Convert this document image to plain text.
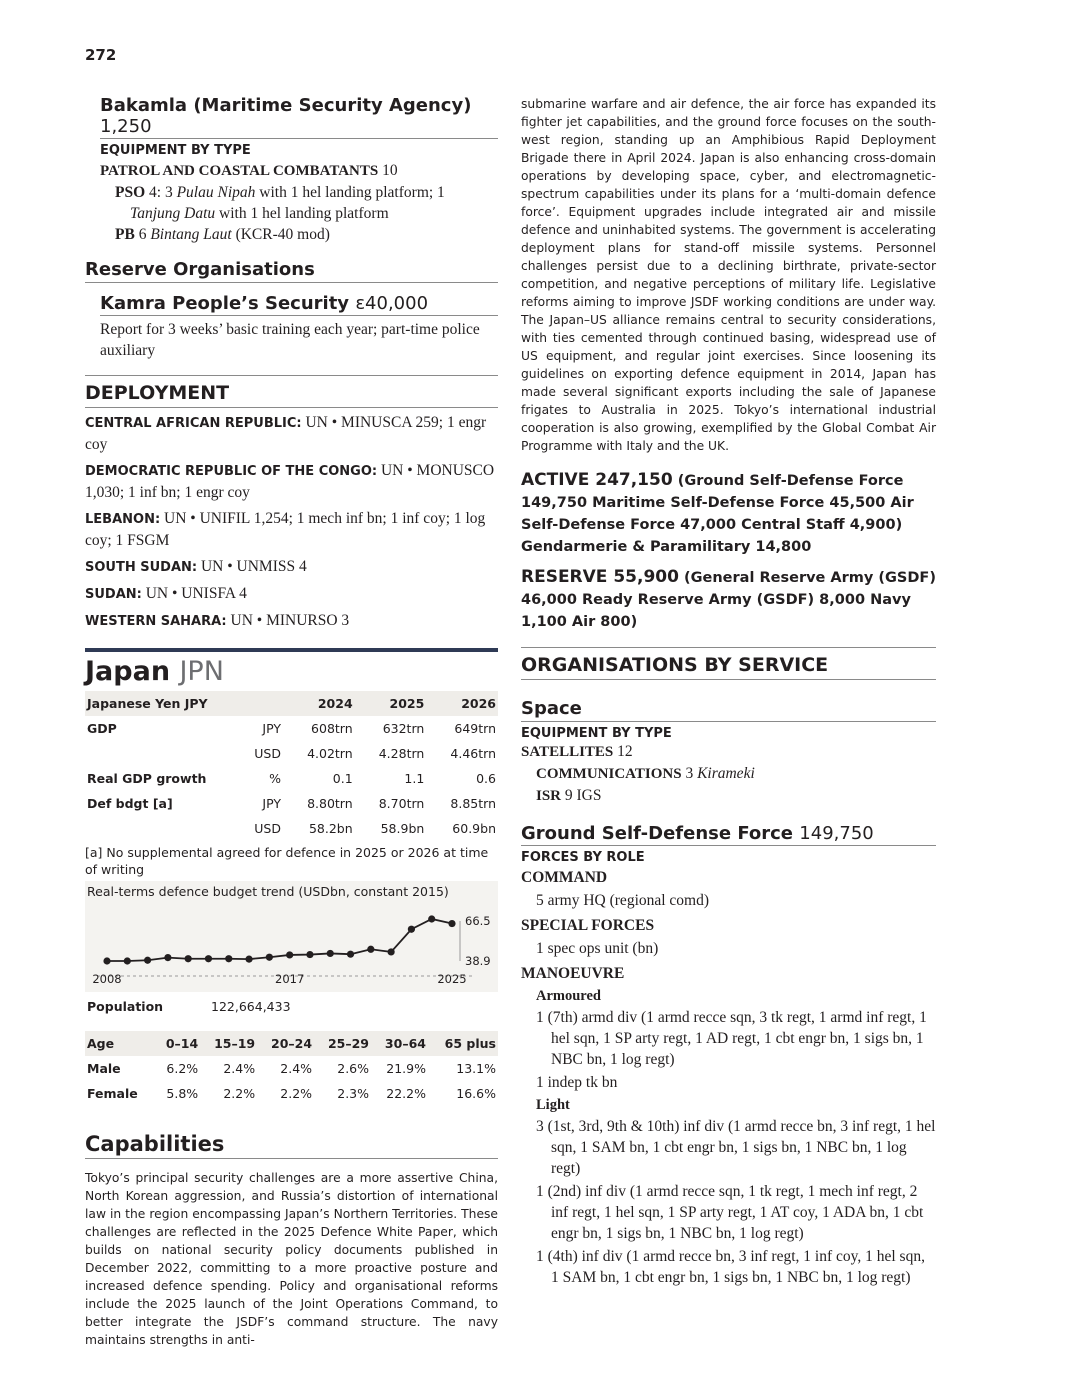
272
Bakamla (Maritime Security Agency) 1,250
EQUIPMENT BY TYPE
PATROL AND COASTAL COMBATANTS 10
PSO 4: 3 Pulau Nipah with 1 hel landing platform; 1 Tanjung Datu with 1 hel landing platform
PB 6 Bintang Laut (KCR-40 mod)
Reserve Organisations
Kamra People’s Security ε40,000
Report for 3 weeks’ basic training each year; part-time police auxiliary
DEPLOYMENT
CENTRAL AFRICAN REPUBLIC: UN • MINUSCA 259; 1 engr coy
DEMOCRATIC REPUBLIC OF THE CONGO: UN • MONUSCO 1,030; 1 inf bn; 1 engr coy
LEBANON: UN • UNIFIL 1,254; 1 mech inf bn; 1 inf coy; 1 log coy; 1 FSGM
SOUTH SUDAN: UN • UNMISS 4
SUDAN: UN • UNISFA 4
WESTERN SAHARA: UN • MINURSO 3
Japan JPN
Japanese Yen JPY		2024	2025	2026
GDP	JPY	608trn	632trn	649trn
	USD	4.02trn	4.28trn	4.46trn
Real GDP growth	%	0.1	1.1	0.6
Def bdgt [a]	JPY	8.80trn	8.70trn	8.85trn
	USD	58.2bn	58.9bn	60.9bn
[a] No supplemental agreed for defence in 2025 or 2026 at time of writing
Real-terms defence budget trend (USDbn, constant 2015)
66.5
38.9
2008	2017	2025
Population	122,664,433
Age	0–14	15–19	20–24	25–29	30–64	65 plus
Male	6.2%	2.4%	2.4%	2.6%	21.9%	13.1%
Female	5.8%	2.2%	2.2%	2.3%	22.2%	16.6%
Capabilities
Tokyo’s principal security challenges are a more assertive China, North Korean aggression, and Russia’s distortion of international law in the region encompassing Japan’s Northern Territories. These challenges are reflected in the 2025 Defence White Paper, which builds on national security policy documents published in December 2022, committing to a more proactive posture and increased defence spending. Policy and organisational reforms include the 2025 launch of the Joint Operations Command, to better integrate the JSDF’s command structure. The navy maintains strengths in anti-
submarine warfare and air defence, the air force has expanded its fighter jet capabilities, and the ground force focuses on the south-west region, standing up an Amphibious Rapid Deployment Brigade there in April 2024. Japan is also enhancing cross-domain operations by developing space, cyber, and electromagnetic-spectrum capabilities under its plans for a ‘multi-domain defence force’. Equipment upgrades include integrated air and missile defence and uninhabited systems. The government is accelerating deployment plans for stand-off missile systems. Personnel challenges persist due to a declining birthrate, private-sector competition, and negative perceptions of military life. Legislative reforms aiming to improve JSDF working conditions are under way. The Japan–US alliance remains central to security considerations, with ties cemented through continued basing, widespread use of US equipment, and regular joint exercises. Since loosening its guidelines on exporting defence equipment in 2014, Japan has made several significant exports including the sale of Japanese frigates to Australia in 2025. Tokyo’s international industrial cooperation is also growing, exemplified by the Global Combat Air Programme with Italy and the UK.
ACTIVE 247,150 (Ground Self-Defense Force 149,750 Maritime Self-Defense Force 45,500 Air Self-Defense Force 47,000 Central Staff 4,900) Gendarmerie & Paramilitary 14,800
RESERVE 55,900 (General Reserve Army (GSDF) 46,000 Ready Reserve Army (GSDF) 8,000 Navy 1,100 Air 800)
ORGANISATIONS BY SERVICE
Space
EQUIPMENT BY TYPE
SATELLITES 12
COMMUNICATIONS 3 Kirameki
ISR 9 IGS
Ground Self-Defense Force 149,750
FORCES BY ROLE
COMMAND
5 army HQ (regional comd)
SPECIAL FORCES
1 spec ops unit (bn)
MANOEUVRE
Armoured
1 (7th) armd div (1 armd recce sqn, 3 tk regt, 1 armd inf regt, 1 hel sqn, 1 SP arty regt, 1 AD regt, 1 cbt engr bn, 1 sigs bn, 1 NBC bn, 1 log regt)
1 indep tk bn
Light
3 (1st, 3rd, 9th & 10th) inf div (1 armd recce bn, 3 inf regt, 1 hel sqn, 1 SAM bn, 1 cbt engr bn, 1 sigs bn, 1 NBC bn, 1 log regt)
1 (2nd) inf div (1 armd recce sqn, 1 tk regt, 1 mech inf regt, 2 inf regt, 1 hel sqn, 1 SP arty regt, 1 AT coy, 1 ADA bn, 1 cbt engr bn, 1 sigs bn, 1 NBC bn, 1 log regt)
1 (4th) inf div (1 armd recce bn, 3 inf regt, 1 inf coy, 1 hel sqn, 1 SAM bn, 1 cbt engr bn, 1 sigs bn, 1 NBC bn, 1 log regt)
